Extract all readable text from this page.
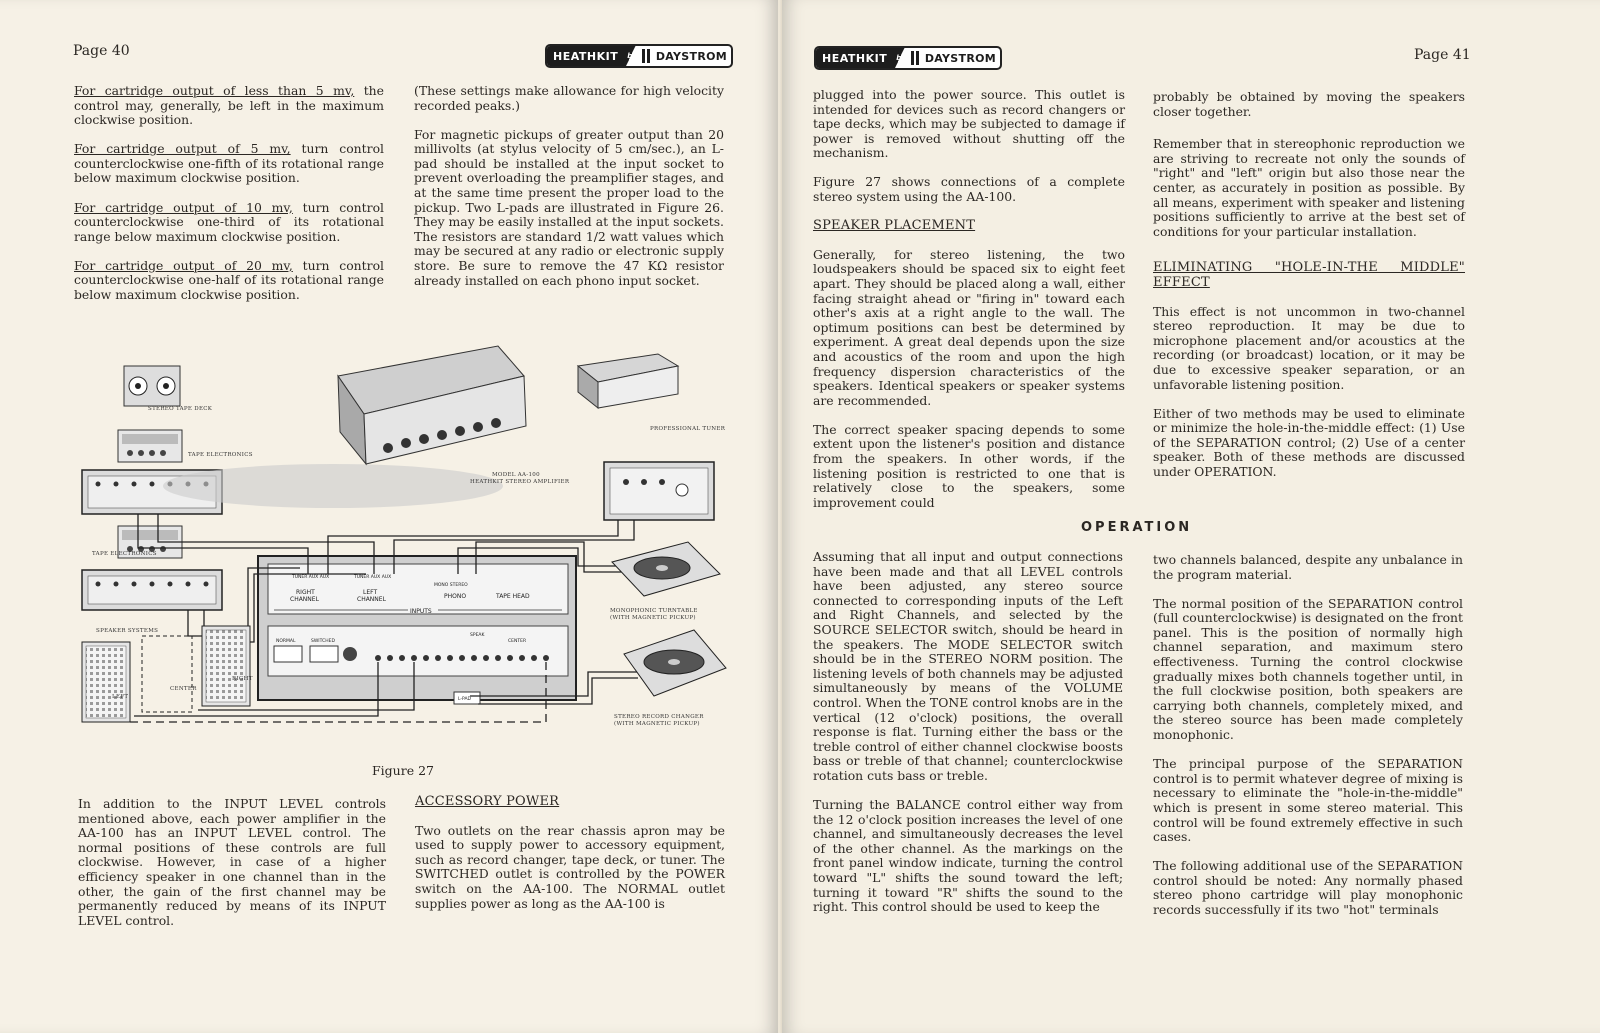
Page 40	HEATHKIT	by	DAYSTROM

For cartridge output of less than 5 mv, the control may, generally, be left in the maximum clockwise position.

For cartridge output of 5 mv, turn control counterclockwise one-fifth of its rotational range below maximum clockwise position.

For cartridge output of 10 mv, turn control counterclockwise one-third of its rotational range below maximum clockwise position.

For cartridge output of 20 mv, turn control counterclockwise one-half of its rotational range below maximum clockwise position.

(These settings make allowance for high velocity recorded peaks.)

For magnetic pickups of greater output than 20 millivolts (at stylus velocity of 5 cm/sec.), an L-pad should be installed at the input socket to prevent overloading the preamplifier stages, and at the same time present the proper load to the pickup. Two L-pads are illustrated in Figure 26. They may be easily installed at the input sockets. The resistors are standard 1/2 watt values which may be secured at any radio or electronic supply store. Be sure to remove the 47 KΩ resistor already installed on each phono input socket.

STEREO TAPE DECK
TAPE ELECTRONICS
TAPE ELECTRONICS
MODEL AA-100
HEATHKIT STEREO AMPLIFIER
PROFESSIONAL TUNER
TUNER AUX AUX	TUNER AUX AUX
MONO STEREO
RIGHT
CHANNEL
LEFT
CHANNEL	PHONO	TAPE HEAD
INPUTS
NORMAL	SWITCHED
SPEAK
CENTER
L-PAD
SPEAKER SYSTEMS
LEFT
CENTER
RIGHT
MONOPHONIC TURNTABLE
(WITH MAGNETIC PICKUP)
STEREO RECORD CHANGER
(WITH MAGNETIC PICKUP)
Figure 27

In addition to the INPUT LEVEL controls mentioned above, each power amplifier in the AA-100 has an INPUT LEVEL control. The normal positions of these controls are full clockwise. However, in case of a higher efficiency speaker in one channel than in the other, the gain of the first channel may be permanently reduced by means of its INPUT LEVEL control.

ACCESSORY POWER

Two outlets on the rear chassis apron may be used to supply power to accessory equipment, such as record changer, tape deck, or tuner. The SWITCHED outlet is controlled by the POWER switch on the AA-100. The NORMAL outlet supplies power as long as the AA-100 is

HEATHKIT	by	DAYSTROM	Page 41

plugged into the power source. This outlet is intended for devices such as record changers or tape decks, which may be subjected to damage if power is removed without shutting off the mechanism.

Figure 27 shows connections of a complete stereo system using the AA-100.

SPEAKER PLACEMENT

Generally, for stereo listening, the two loudspeakers should be spaced six to eight feet apart. They should be placed along a wall, either facing straight ahead or "firing in" toward each other's axis at a right angle to the wall. The optimum positions can best be determined by experiment. A great deal depends upon the size and acoustics of the room and upon the high frequency dispersion characteristics of the speakers. Identical speakers or speaker systems are recommended.

The correct speaker spacing depends to some extent upon the listener's position and distance from the speakers. In other words, if the listening position is restricted to one that is relatively close to the speakers, some improvement could

probably be obtained by moving the speakers closer together.

Remember that in stereophonic reproduction we are striving to recreate not only the sounds of "right" and "left" origin but also those near the center, as accurately in position as possible. By all means, experiment with speaker and listening positions sufficiently to arrive at the best set of conditions for your particular installation.

ELIMINATING "HOLE-IN-THE MIDDLE" EFFECT

This effect is not uncommon in two-channel stereo reproduction. It may be due to microphone placement and/or acoustics at the recording (or broadcast) location, or it may be due to excessive speaker separation, or an unfavorable listening position.

Either of two methods may be used to eliminate or minimize the hole-in-the-middle effect: (1) Use of the SEPARATION control; (2) Use of a center speaker. Both of these methods are discussed under OPERATION.

OPERATION

Assuming that all input and output connections have been made and that all LEVEL controls have been adjusted, any stereo source connected to corresponding inputs of the Left and Right Channels, and selected by the SOURCE SELECTOR switch, should be heard in the speakers. The MODE SELECTOR switch should be in the STEREO NORM position. The listening levels of both channels may be adjusted simultaneously by means of the VOLUME control. When the TONE control knobs are in the vertical (12 o'clock) positions, the overall response is flat. Turning either the bass or the treble control of either channel clockwise boosts bass or treble of that channel; counterclockwise rotation cuts bass or treble.

Turning the BALANCE control either way from the 12 o'clock position increases the level of one channel, and simultaneously decreases the level of the other channel. As the markings on the front panel window indicate, turning the control toward "L" shifts the sound toward the left; turning it toward "R" shifts the sound to the right. This control should be used to keep the

two channels balanced, despite any unbalance in the program material.

The normal position of the SEPARATION control (full counterclockwise) is designated on the front panel. This is the position of normally high channel separation, and maximum stero effectiveness. Turning the control clockwise gradually mixes both channels together until, in the full clockwise position, both speakers are carrying both channels, completely mixed, and the stereo source has been made completely monophonic.

The principal purpose of the SEPARATION control is to permit whatever degree of mixing is necessary to eliminate the "hole-in-the-middle" which is present in some stereo material. This control will be found extremely effective in such cases.

The following additional use of the SEPARATION control should be noted: Any normally phased stereo phono cartridge will play monophonic records successfully if its two "hot" terminals
